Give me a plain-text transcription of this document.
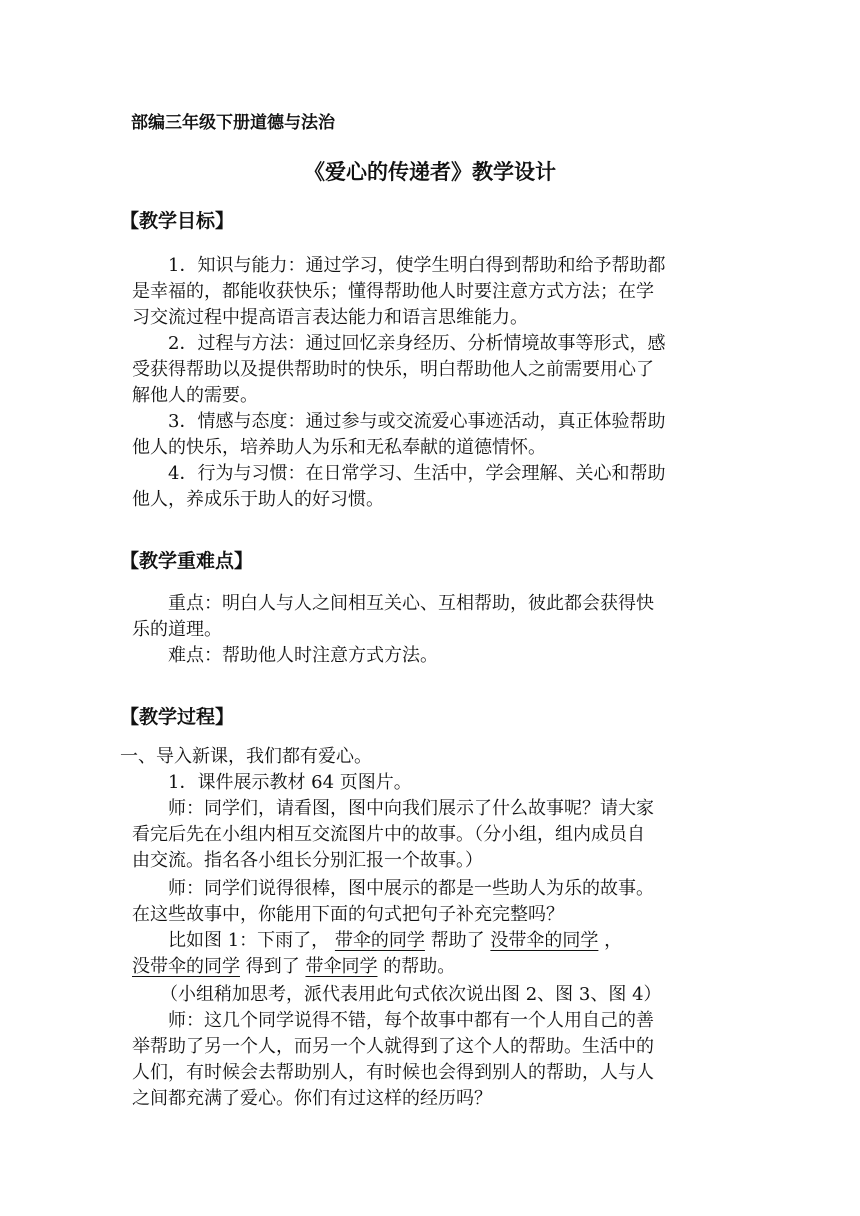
部编三年级下册道德与法治
《爱心的传递者》教学设计
【教学目标】
1．知识与能力：通过学习，使学生明白得到帮助和给予帮助都
是幸福的，都能收获快乐；懂得帮助他人时要注意方式方法；在学
习交流过程中提高语言表达能力和语言思维能力。
2．过程与方法：通过回忆亲身经历、分析情境故事等形式，感
受获得帮助以及提供帮助时的快乐，明白帮助他人之前需要用心了
解他人的需要。
3．情感与态度：通过参与或交流爱心事迹活动，真正体验帮助
他人的快乐，培养助人为乐和无私奉献的道德情怀。
4．行为与习惯：在日常学习、生活中，学会理解、关心和帮助
他人，养成乐于助人的好习惯。
【教学重难点】
重点：明白人与人之间相互关心、互相帮助，彼此都会获得快
乐的道理。
难点：帮助他人时注意方式方法。
【教学过程】
一、导入新课，我们都有爱心。
1．课件展示教材 64 页图片。
师：同学们，请看图，图中向我们展示了什么故事呢？请大家
看完后先在小组内相互交流图片中的故事。（分小组，组内成员自
由交流。指名各小组长分别汇报一个故事。）
师：同学们说得很棒，图中展示的都是一些助人为乐的故事。
在这些故事中，你能用下面的句式把句子补充完整吗？
比如图 1：下雨了， 带伞的同学 帮助了 没带伞的同学 ，
没带伞的同学 得到了 带伞同学 的帮助。
（小组稍加思考，派代表用此句式依次说出图 2、图 3、图 4）
师：这几个同学说得不错，每个故事中都有一个人用自己的善
举帮助了另一个人，而另一个人就得到了这个人的帮助。生活中的
人们，有时候会去帮助别人，有时候也会得到别人的帮助，人与人
之间都充满了爱心。你们有过这样的经历吗？
